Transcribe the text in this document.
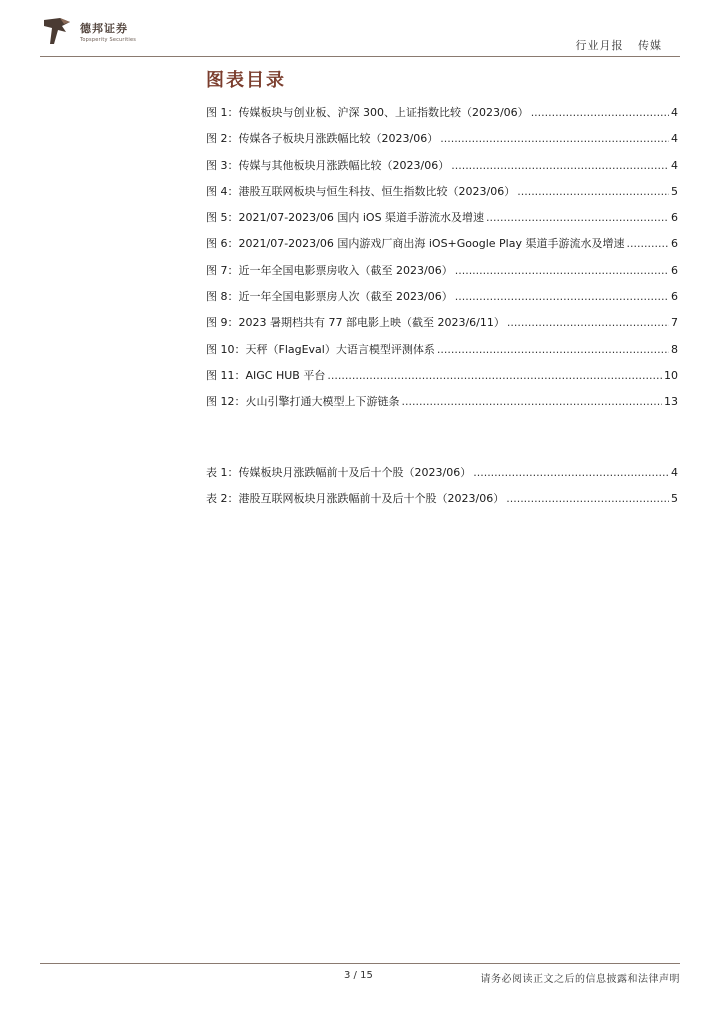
德邦证券
Topsperity Securities	行业月报 传媒
图表目录
图 1：传媒板块与创业板、沪深 300、上证指数比较（2023/06） .....	4
图 2：传媒各子板块月涨跌幅比较（2023/06） .....	4
图 3：传媒与其他板块月涨跌幅比较（2023/06） .....	4
图 4：港股互联网板块与恒生科技、恒生指数比较（2023/06） .....	5
图 5：2021/07-2023/06 国内 iOS 渠道手游流水及增速 .....	6
图 6：2021/07-2023/06 国内游戏厂商出海 iOS+Google Play 渠道手游流水及增速 .....	6
图 7：近一年全国电影票房收入（截至 2023/06） .....	6
图 8：近一年全国电影票房人次（截至 2023/06） .....	6
图 9：2023 暑期档共有 77 部电影上映（截至 2023/6/11） .....	7
图 10：天秤（FlagEval）大语言模型评测体系 .....	8
图 11：AIGC HUB 平台 .....	10
图 12：火山引擎打通大模型上下游链条 .....	13
表 1：传媒板块月涨跌幅前十及后十个股（2023/06） .....	4
表 2：港股互联网板块月涨跌幅前十及后十个股（2023/06） .....	5
3 / 15	请务必阅读正文之后的信息披露和法律声明
